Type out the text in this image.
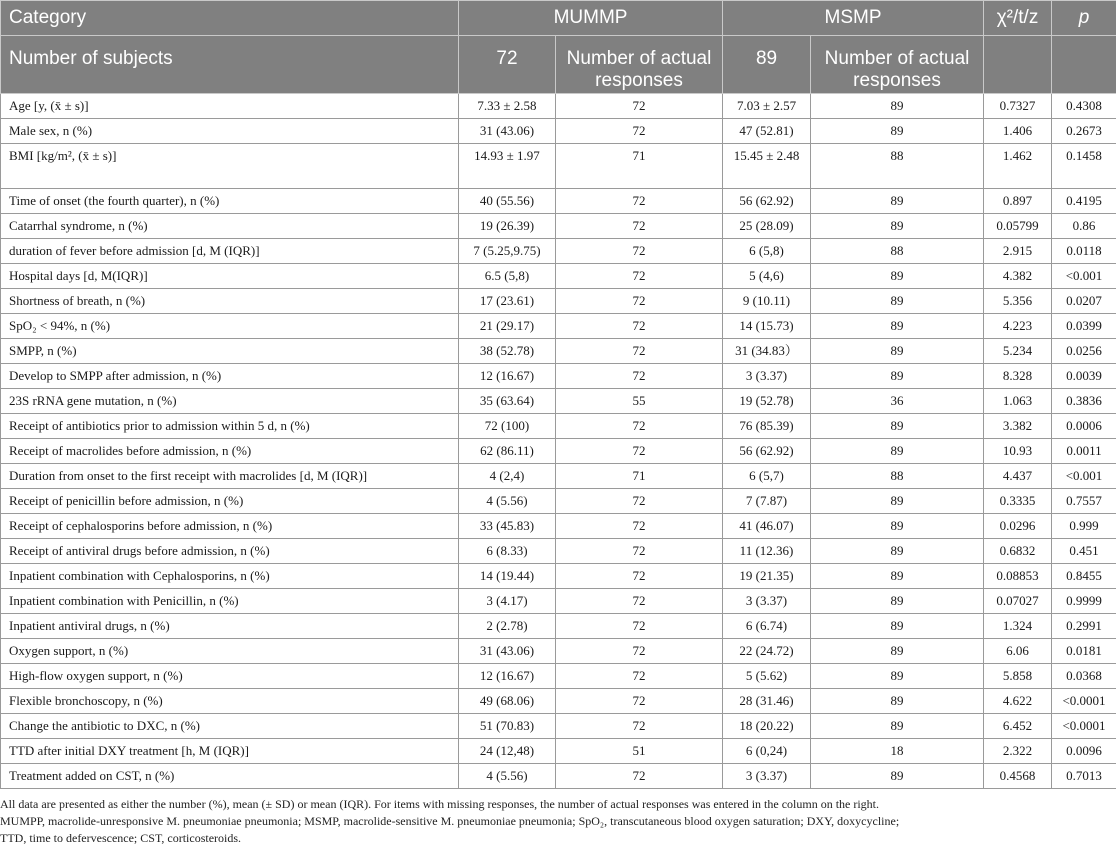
Category	MUMMP		MSMP		χ²/t/z	p
Number of subjects	72	Number of actual responses	89	Number of actual responses		
Age [y, (x̄ ± s)]	7.33 ± 2.58	72	7.03 ± 2.57	89	0.7327	0.4308
Male sex, n (%)	31 (43.06)	72	47 (52.81)	89	1.406	0.2673
BMI [kg/m², (x̄ ± s)]	14.93 ± 1.97	71	15.45 ± 2.48	88	1.462	0.1458
Time of onset (the fourth quarter), n (%)	40 (55.56)	72	56 (62.92)	89	0.897	0.4195
Catarrhal syndrome, n (%)	19 (26.39)	72	25 (28.09)	89	0.05799	0.86
duration of fever before admission [d, M (IQR)]	7 (5.25,9.75)	72	6 (5,8)	88	2.915	0.0118
Hospital days [d, M(IQR)]	6.5 (5,8)	72	5 (4,6)	89	4.382	<0.001
Shortness of breath, n (%)	17 (23.61)	72	9 (10.11)	89	5.356	0.0207
SpO₂ < 94%, n (%)	21 (29.17)	72	14 (15.73)	89	4.223	0.0399
SMPP, n (%)	38 (52.78)	72	31 (34.83）	89	5.234	0.0256
Develop to SMPP after admission, n (%)	12 (16.67)	72	3 (3.37)	89	8.328	0.0039
23S rRNA gene mutation, n (%)	35 (63.64)	55	19 (52.78)	36	1.063	0.3836
Receipt of antibiotics prior to admission within 5 d, n (%)	72 (100)	72	76 (85.39)	89	3.382	0.0006
Receipt of macrolides before admission, n (%)	62 (86.11)	72	56 (62.92)	89	10.93	0.0011
Duration from onset to the first receipt with macrolides [d, M (IQR)]	4 (2,4)	71	6 (5,7)	88	4.437	<0.001
Receipt of penicillin before admission, n (%)	4 (5.56)	72	7 (7.87)	89	0.3335	0.7557
Receipt of cephalosporins before admission, n (%)	33 (45.83)	72	41 (46.07)	89	0.0296	0.999
Receipt of antiviral drugs before admission, n (%)	6 (8.33)	72	11 (12.36)	89	0.6832	0.451
Inpatient combination with Cephalosporins, n (%)	14 (19.44)	72	19 (21.35)	89	0.08853	0.8455
Inpatient combination with Penicillin, n (%)	3 (4.17)	72	3 (3.37)	89	0.07027	0.9999
Inpatient antiviral drugs, n (%)	2 (2.78)	72	6 (6.74)	89	1.324	0.2991
Oxygen support, n (%)	31 (43.06)	72	22 (24.72)	89	6.06	0.0181
High-flow oxygen support, n (%)	12 (16.67)	72	5 (5.62)	89	5.858	0.0368
Flexible bronchoscopy, n (%)	49 (68.06)	72	28 (31.46)	89	4.622	<0.0001
Change the antibiotic to DXC, n (%)	51 (70.83)	72	18 (20.22)	89	6.452	<0.0001
TTD after initial DXY treatment [h, M (IQR)]	24 (12,48)	51	6 (0,24)	18	2.322	0.0096
Treatment added on CST, n (%)	4 (5.56)	72	3 (3.37)	89	0.4568	0.7013

All data are presented as either the number (%), mean (± SD) or mean (IQR). For items with missing responses, the number of actual responses was entered in the column on the right.

MUMPP, macrolide-unresponsive M. pneumoniae pneumonia; MSMP, macrolide-sensitive M. pneumoniae pneumonia; SpO₂, transcutaneous blood oxygen saturation; DXY, doxycycline;

TTD, time to defervescence; CST, corticosteroids.
